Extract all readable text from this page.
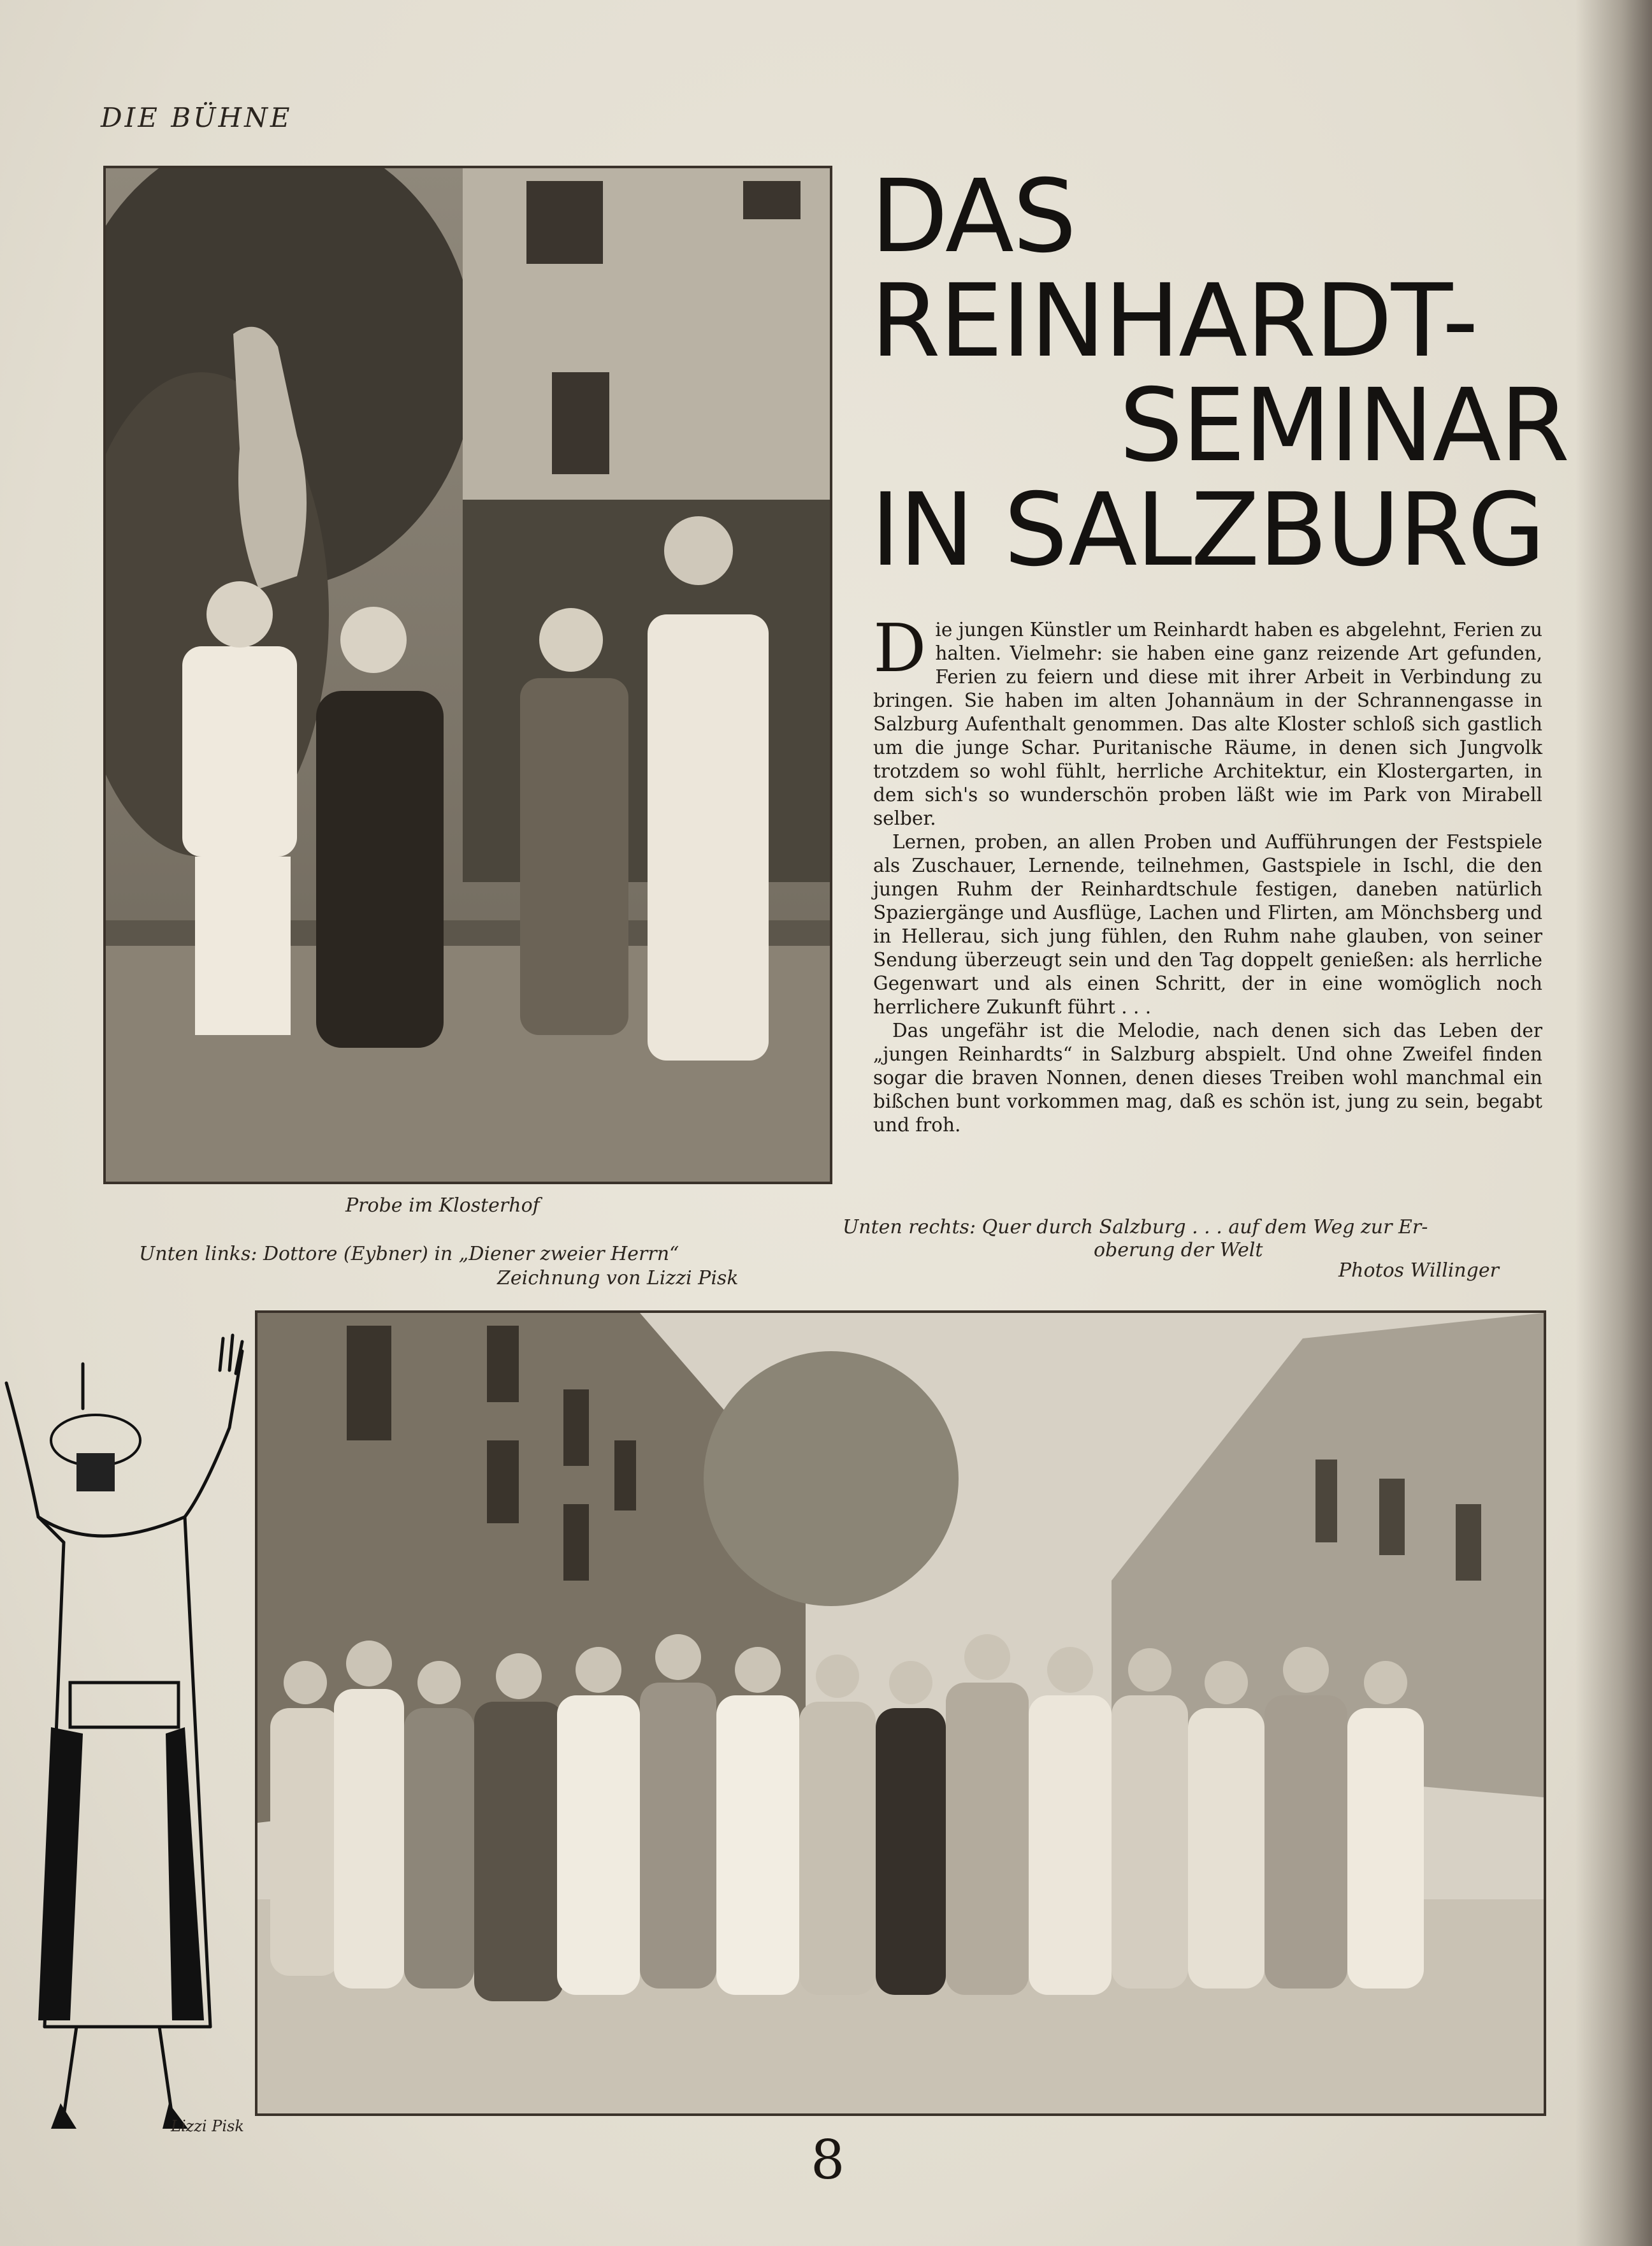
DIE BÜHNE
DAS
REINHARDT-
SEMINAR
IN SALZBURG

Die jungen Künstler um Reinhardt haben es abgelehnt, Ferien zu halten. Vielmehr: sie haben eine ganz reizende Art gefunden, Ferien zu feiern und diese mit ihrer Arbeit in Verbindung zu bringen. Sie haben im alten Johannäum in der Schrannengasse in Salzburg Aufenthalt genommen. Das alte Kloster schloß sich gastlich um die junge Schar. Puritanische Räume, in denen sich Jungvolk trotzdem so wohl fühlt, herrliche Architektur, ein Klostergarten, in dem sich's so wunderschön proben läßt wie im Park von Mirabell selber.

Lernen, proben, an allen Proben und Aufführungen der Festspiele als Zuschauer, Lernende, teilnehmen, Gastspiele in Ischl, die den jungen Ruhm der Reinhardtschule festigen, daneben natürlich Spaziergänge und Ausflüge, Lachen und Flirten, am Mönchsberg und in Hellerau, sich jung fühlen, den Ruhm nahe glauben, von seiner Sendung überzeugt sein und den Tag doppelt genießen: als herrliche Gegenwart und als einen Schritt, der in eine womöglich noch herrlichere Zukunft führt . . .

Das ungefähr ist die Melodie, nach denen sich das Leben der „jungen Reinhardts“ in Salzburg abspielt. Und ohne Zweifel finden sogar die braven Nonnen, denen dieses Treiben wohl manchmal ein bißchen bunt vorkommen mag, daß es schön ist, jung zu sein, begabt und froh.

Probe im Klosterhof
Unten links: Dottore (Eybner) in „Diener zweier Herrn“
Zeichnung von Lizzi Pisk
Unten rechts: Quer durch Salzburg . . . auf dem Weg zur Er-
oberung der Welt
Photos Willinger
Lizzi Pisk
8
